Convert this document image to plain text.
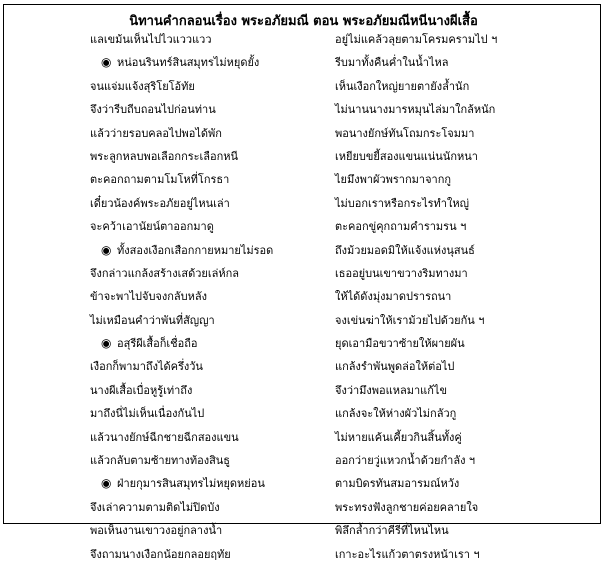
นิทานคำกลอนเรื่อง พระอภัยมณี ตอน พระอภัยมณีหนีนางผีเสื้อ
แลเขม้นเห็นไปไวแววแวว	อยู่ไม่แคล้วลุยตามโครมครามไป ฯ
◉ หน่อนรินทร์สินสมุทรไม่หยุดยั้ง	รีบมาทั้งคืนค่ำในน้ำไหล
จนแจ่มแจ้งสุริโยโอ้ทัย	เห็นเงือกใหญ่ยายตายังล้ำนัก
จึงว่ารีบถีบถอนไปก่อนท่าน	ไม่นานนางมารหมุนไล่มาใกล้หนัก
แล้วว่ายรอบคลอไปพอได้พัก	พอนางยักษ์ทันโถมกระโจมมา
พระลูกหลบพอเลือกกระเลือกหนี	เหยียบขยี้สองแขนแน่นนักหนา
ตะคอกถามตามโมโหที่โกรธา	ไยมึงพาผัวพรากมาจากกู
เดี๋ยวน้องค์พระอภัยอยู่ไหนเล่า	ไม่บอกเราหรือกระไรทำใหญู่
จะคว้าเอานัยน์ตาออกมาดู	ตะคอกขู่คุกถามคำรามรน ฯ
◉ ทั้งสองเงือกเสือกกายหมายไม่รอด	ถึงม้วยมอดมิให้แจ้งแห่งนุสนธ์
จึงกล่าวแกล้งสร้างเสด้วยเล่ห์กล	เธออยู่บนเขาขวางริมทางมา
ข้าจะพาไปจับจงกลับหลัง	ให้ได้ดังมุ่งมาดปรารถนา
ไม่เหมือนคำว่าพันที่สัญญา	จงเข่นฆ่าให้เราม้วยไปด้วยกัน ฯ
◉ อสุรีผีเสื้อก็เชื่อถือ	ยุดเอามือขวาซ้ายให้ผายผัน
เงือกก็พามาถึงได้ครึ่งวัน	แกล้งรำพันพูดล่อให้ต่อไป
นางผีเสื้อเบื่อหูรู้เท่าถึง	จึงว่ามึงพอแหลมาแก้ไข
มาถึงนี่ไม่เห็นเนื่องกันไป	แกล้งจะให้ห่างผัวไม่กลัวกู
แล้วนางยักษ์ฉีกชายฉีกสองแขน	ไม่หายแค้นเคี้ยวกินสิ้นทั้งคู่
แล้วกลับตามซ้ายทางท้องสินธู	ออกว่ายวู่แหวกน้ำด้วยกำลัง ฯ
◉ ฝ่ายกุมารสินสมุทรไม่หยุดหย่อน	ตามบิดรทันสมอารมณ์หวัง
จึงเล่าความตามติดไม่ปิดบัง	พระทรงฟังลูกชายค่อยคลายใจ
พอเห็นงานเขาวงอยู่กลางน้ำ	พิลึกล้ำกว่าคีรีที่ไหนไหน
จึงถามนางเงือกน้อยกลอยฤทัย	เกาะอะไรแก้วตาตรงหน้าเรา ฯ
